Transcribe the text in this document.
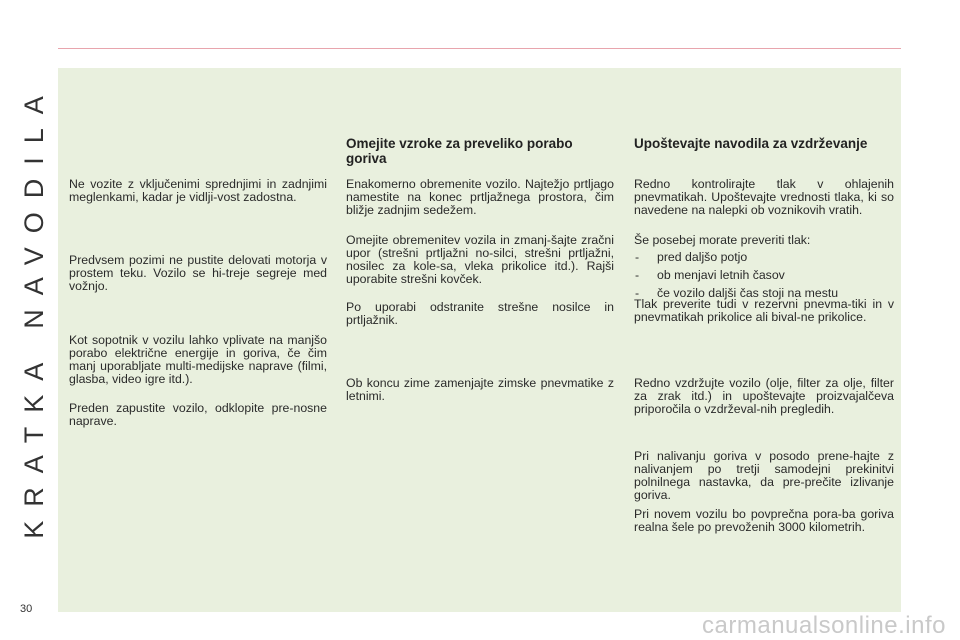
KRATKA NAVODILA
30

Ne vozite z vključenimi sprednjimi in zadnjimi meglenkami, kadar je vidlji-vost zadostna.

Predvsem pozimi ne pustite delovati motorja v prostem teku. Vozilo se hi-treje segreje med vožnjo.

Kot sopotnik v vozilu lahko vplivate na manjšo porabo električne energije in goriva, če čim manj uporabljate multi-medijske naprave (filmi, glasba, video igre itd.).

Preden zapustite vozilo, odklopite pre-nosne naprave.

Omejite vzroke za preveliko porabo goriva

Enakomerno obremenite vozilo. Najtežjo prtljago namestite na konec prtljažnega prostora, čim bližje zadnjim sedežem.

Omejite obremenitev vozila in zmanj-šajte zračni upor (strešni prtljažni no-silci, strešni prtljažni, nosilec za kole-sa, vleka prikolice itd.). Rajši uporabite strešni kovček.

Po uporabi odstranite strešne nosilce in prtljažnik.

Ob koncu zime zamenjajte zimske pnevmatike z letnimi.

Upoštevajte navodila za vzdrževanje

Redno kontrolirajte tlak v ohlajenih pnevmatikah. Upoštevajte vrednosti tlaka, ki so navedene na nalepki ob voznikovih vratih.

Še posebej morate preveriti tlak:

- pred daljšo potjo
- ob menjavi letnih časov
- če vozilo daljši čas stoji na mestu

Tlak preverite tudi v rezervni pnevma-tiki in v pnevmatikah prikolice ali bival-ne prikolice.

Redno vzdržujte vozilo (olje, filter za olje, filter za zrak itd.) in upoštevajte proizvajalčeva priporočila o vzdrževal-nih pregledih.

Pri nalivanju goriva v posodo prene-hajte z nalivanjem po tretji samodejni prekinitvi polnilnega nastavka, da pre-prečite izlivanje goriva.

Pri novem vozilu bo povprečna pora-ba goriva realna šele po prevoženih 3000 kilometrih.

carmanualsonline.info
